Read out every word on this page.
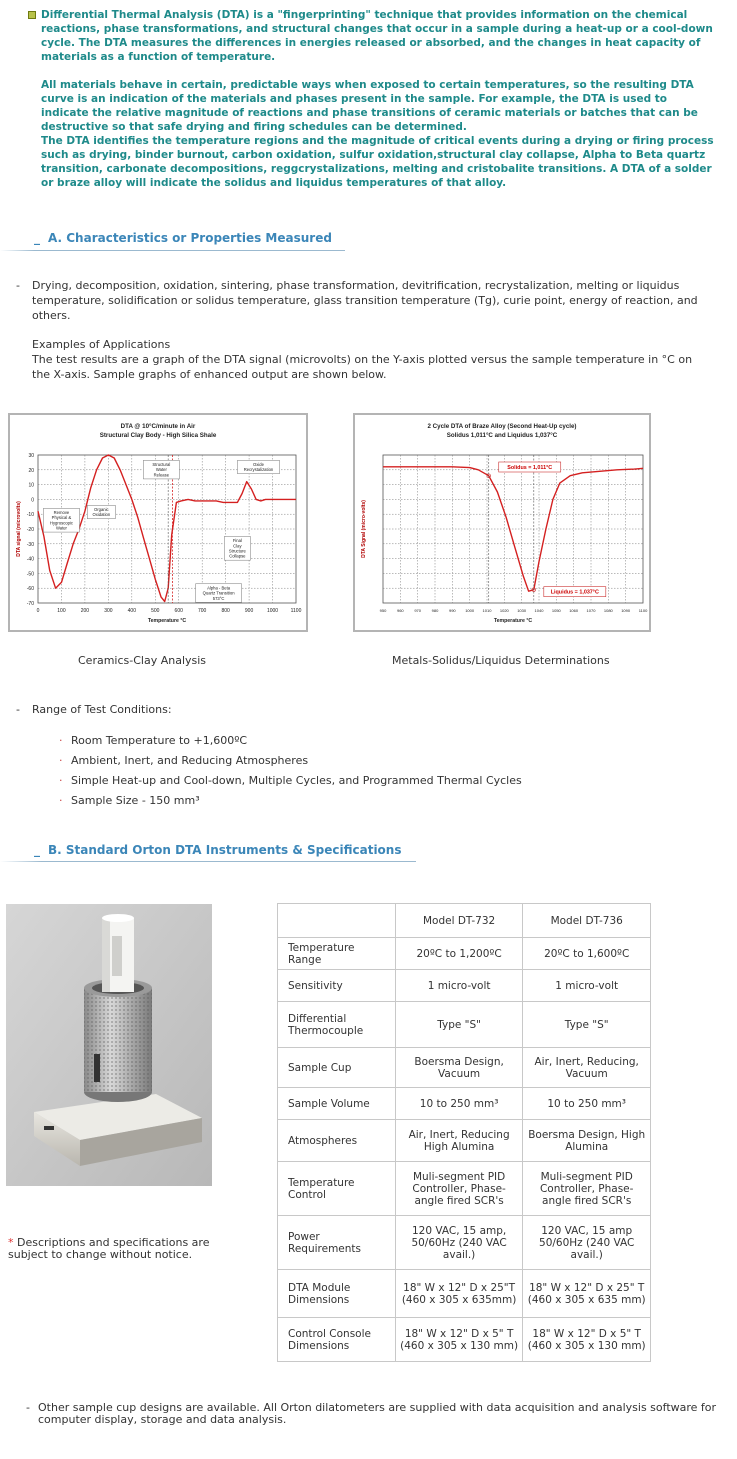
Differential Thermal Analysis (DTA) is a "fingerprinting" technique that provides information on the chemical reactions, phase transformations, and structural changes that occur in a sample during a heat-up or a cool-down cycle. The DTA measures the differences in energies released or absorbed, and the changes in heat capacity of materials as a function of temperature.

All materials behave in certain, predictable ways when exposed to certain temperatures, so the resulting DTA curve is an indication of the materials and phases present in the sample. For example, the DTA is used to indicate the relative magnitude of reactions and phase transitions of ceramic materials or batches that can be destructive so that safe drying and firing schedules can be determined.

The DTA identifies the temperature regions and the magnitude of critical events during a drying or firing process such as drying, binder burnout, carbon oxidation, sulfur oxidation,structural clay collapse, Alpha to Beta quartz transition, carbonate decompositions, reggcrystalizations, melting and cristobalite transitions. A DTA of a solder or braze alloy will indicate the solidus and liquidus temperatures of that alloy.

_ A. Characteristics or Properties Measured
- Drying, decomposition, oxidation, sintering, phase transformation, devitrification, recrystalization, melting or liquidus temperature, solidification or solidus temperature, glass transition temperature (Tg), curie point, energy of reaction, and others.

Examples of Applications

The test results are a graph of the DTA signal (microvolts) on the Y-axis plotted versus the sample temperature in °C on the X-axis. Sample graphs of enhanced output are shown below.

DTA @ 10°C/minute in Air
Structural Clay Body - High Silica Shale
0	100	200	300	400	500	600	700	800	900	1000	1100
30
20
10
0
-10
-20
-30
-40
-50
-60
-70
Temperature °C
DTA signal (microvolts)	Remove
Physical &
Hygroscopic
Water
Organic
Oxidation
Structural
Water
Release
Oxide
Recrystalization
Final
Clay
Structure
Collapse
Alpha - Beta
Quartz Transition
573°C
2 Cycle DTA of Braze Alloy (Second Heat-Up cycle)
Solidus 1,011°C and Liquidus 1,037°C
950	960	970	980	990 1000 1010 1020 1030 1040 1050 1060 1070 1080 1090 1100
Temperature °C
DTA Signal (micro-volts)
Solidus = 1,011°C
Liquidus = 1,037°C
Ceramics-Clay Analysis	Metals-Solidus/Liquidus Determinations
- Range of Test Conditions:

· Room Temperature to +1,600ºC
· Ambient, Inert, and Reducing Atmospheres
· Simple Heat-up and Cool-down, Multiple Cycles, and Programmed Thermal Cycles
· Sample Size - 150 mm³
_ B. Standard Orton DTA Instruments & Specifications
	Model DT-732	Model DT-736
Temperature Range	20ºC to 1,200ºC	20ºC to 1,600ºC
Sensitivity	1 micro-volt	1 micro-volt
Differential Thermocouple	Type "S"	Type "S"
Sample Cup	Boersma Design, Vacuum	Air, Inert, Reducing, Vacuum
Sample Volume	10 to 250 mm³	10 to 250 mm³
Atmospheres	Air, Inert, Reducing High Alumina	Boersma Design, High Alumina
Temperature Control	Muli-segment PID Controller, Phase-angle fired SCR's	Muli-segment PID Controller, Phase-angle fired SCR's
Power Requirements	120 VAC, 15 amp, 50/60Hz (240 VAC avail.)	120 VAC, 15 amp 50/60Hz (240 VAC avail.)
DTA Module Dimensions	18" W x 12" D x 25"T (460 x 305 x 635mm)	18" W x 12" D x 25" T (460 x 305 x 635 mm)
Control Console Dimensions	18" W x 12" D x 5" T (460 x 305 x 130 mm)	18" W x 12" D x 5" T (460 x 305 x 130 mm)
* Descriptions and specifications are subject to change without notice.
- Other sample cup designs are available. All Orton dilatometers are supplied with data acquisition and analysis software for computer display, storage and data analysis.
